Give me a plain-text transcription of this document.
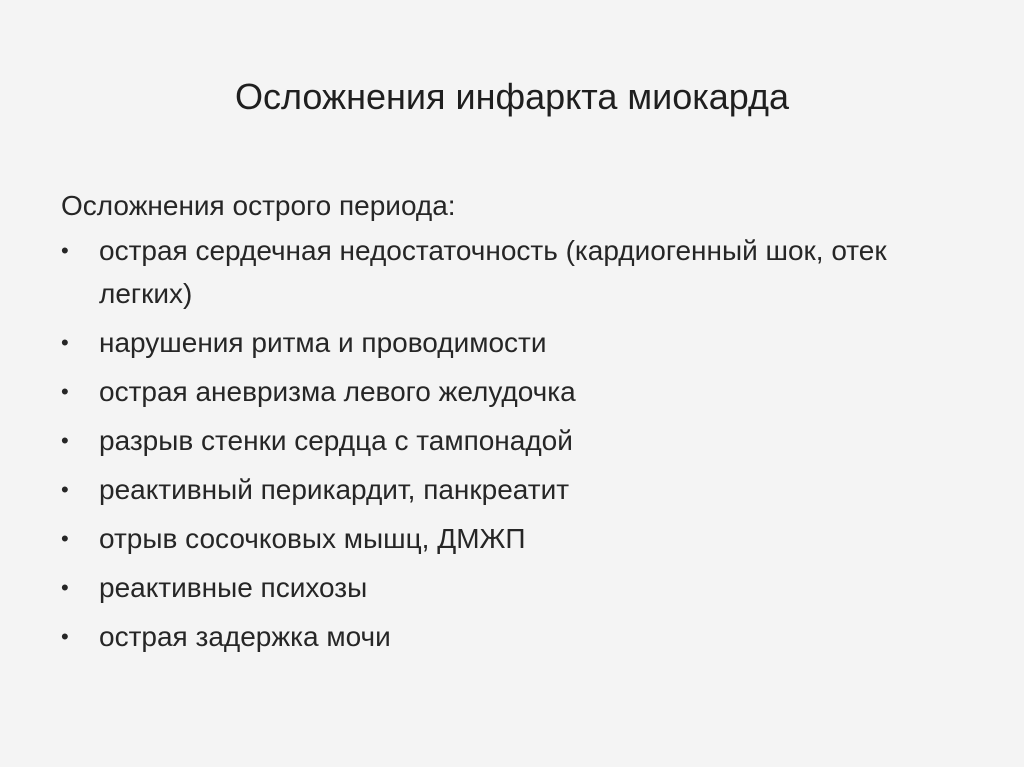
Осложнения инфаркта миокарда

Осложнения острого периода:

•	острая сердечная недостаточность (кардиогенный шок, отек легких)
•	нарушения ритма и проводимости
•	острая аневризма левого желудочка
•	разрыв стенки сердца с тампонадой
•	реактивный перикардит, панкреатит
•	отрыв сосочковых мышц, ДМЖП
•	реактивные психозы
•	острая задержка мочи
